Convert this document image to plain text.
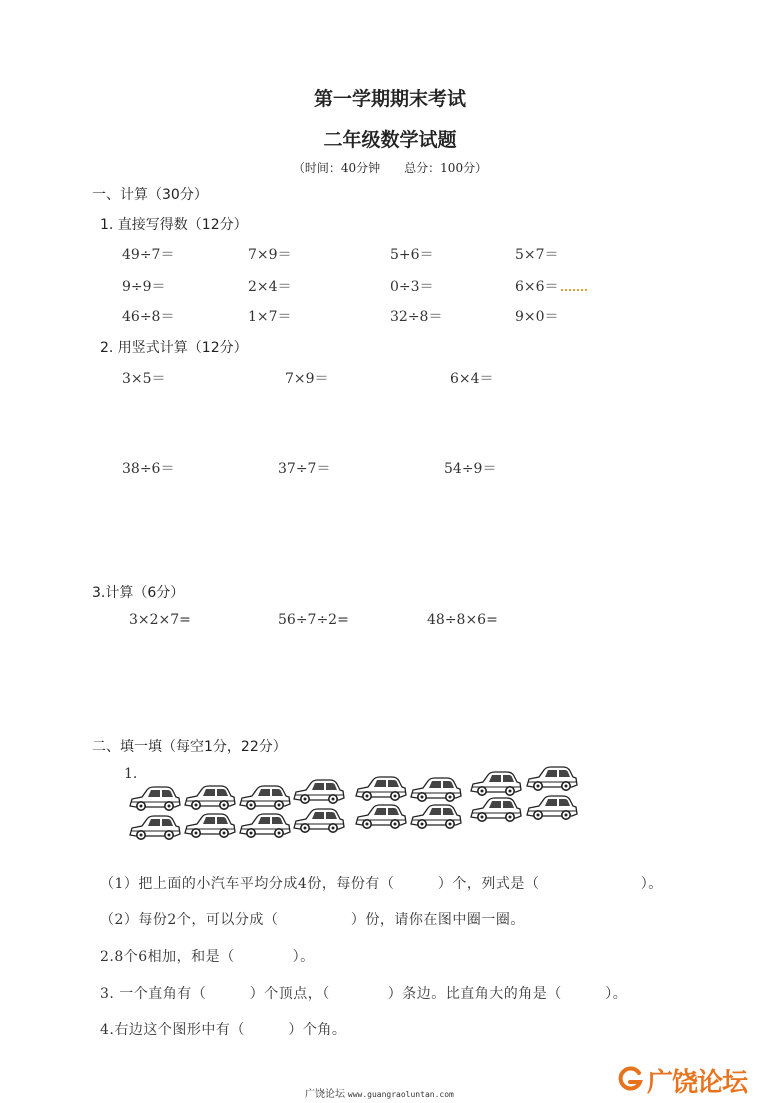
第一学期期末考试
二年级数学试题
（时间：40分钟　　总分：100分）
一、计算（30分）
1. 直接写得数（12分）
49÷7＝	7×9＝	5+6＝	5×7＝
9÷9＝	2×4＝	0÷3＝	6×6＝
46÷8＝	1×7＝	32÷8＝	9×0＝
2. 用竖式计算（12分）
3×5＝	7×9＝	6×4＝
38÷6＝	37÷7＝	54÷9＝
3.计算（6分）
3×2×7=	56÷7÷2=	48÷8×6=
二、填一填（每空1分，22分）
1.
（1）把上面的小汽车平均分成4份，每份有（　　　）个，列式是（　　　　　　　）。
（2）每份2个，可以分成（　　　　　）份，请你在图中圈一圈。
2.8个6相加，和是（　　　　）。
3. 一个直角有（　　　）个顶点，（　　　　）条边。比直角大的角是（　　　）。
4.右边这个图形中有（　　　）个角。
广饶论坛 www.guangraoluntan.com	广饶论坛
